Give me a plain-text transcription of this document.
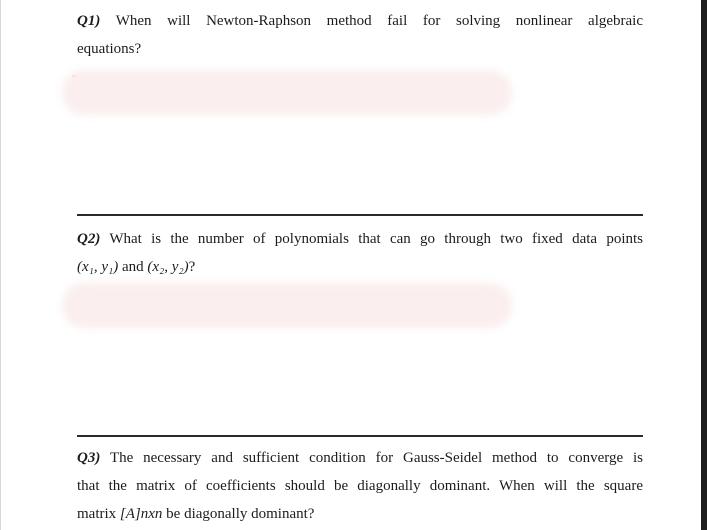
Q1) When will Newton-Raphson method fail for solving nonlinear algebraic
equations?
Q2) What is the number of polynomials that can go through two fixed data points
(x₁, y₁) and (x₂, y₂)?
Q3) The necessary and sufficient condition for Gauss-Seidel method to converge is
that the matrix of coefficients should be diagonally dominant. When will the square
matrix [A]nxn be diagonally dominant?
